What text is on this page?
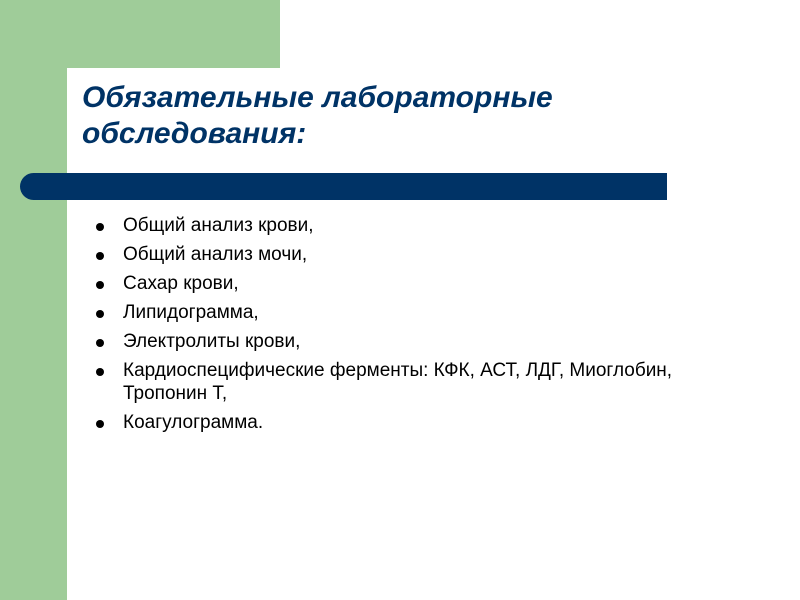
Обязательные лабораторные обследования:
Общий анализ крови,
Общий анализ мочи,
Сахар крови,
Липидограмма,
Электролиты крови,
Кардиоспецифические ферменты: КФК, АСТ, ЛДГ, Миоглобин, Тропонин Т,
Коагулограмма.
